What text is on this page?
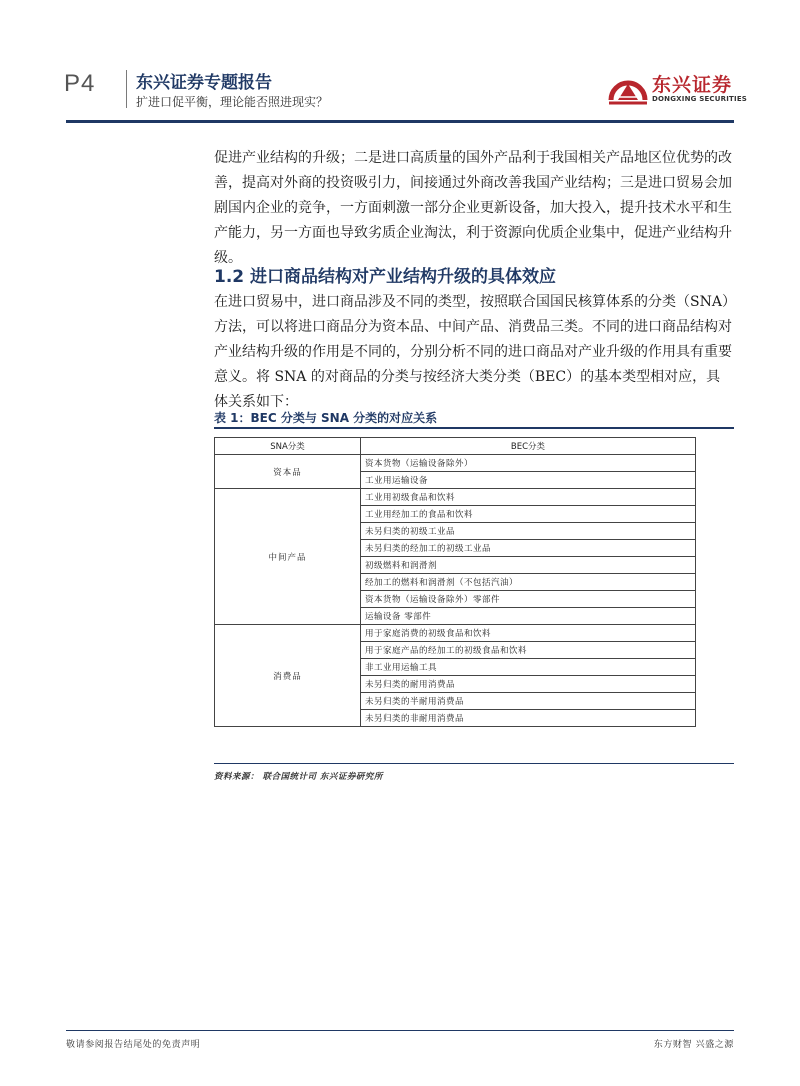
P4 东兴证券专题报告
扩进口促平衡，理论能否照进现实？
东兴证券
DONGXING SECURITIES

促进产业结构的升级；二是进口高质量的国外产品利于我国相关产品地区位优势的改善，提高对外商的投资吸引力，间接通过外商改善我国产业结构；三是进口贸易会加剧国内企业的竞争，一方面刺激一部分企业更新设备，加大投入，提升技术水平和生产能力，另一方面也导致劣质企业淘汰，利于资源向优质企业集中，促进产业结构升级。

1.2 进口商品结构对产业结构升级的具体效应

在进口贸易中，进口商品涉及不同的类型，按照联合国国民核算体系的分类（SNA）方法，可以将进口商品分为资本品、中间产品、消费品三类。不同的进口商品结构对产业结构升级的作用是不同的，分别分析不同的进口商品对产业升级的作用具有重要意义。将 SNA 的对商品的分类与按经济大类分类（BEC）的基本类型相对应，具体关系如下：

表 1：BEC 分类与 SNA 分类的对应关系
SNA分类	BEC分类
资本品	资本货物（运输设备除外）
	工业用运输设备
中间产品	工业用初级食品和饮料
	工业用经加工的食品和饮料
	未另归类的初级工业品
	未另归类的经加工的初级工业品
	初级燃料和润滑剂
	经加工的燃料和润滑剂（不包括汽油）
	资本货物（运输设备除外）零部件
	运输设备 零部件
消费品	用于家庭消费的初级食品和饮料
	用于家庭产品的经加工的初级食品和饮料
	非工业用运输工具
	未另归类的耐用消费品
	未另归类的半耐用消费品
	未另归类的非耐用消费品
资料来源： 联合国统计司 东兴证券研究所
敬请参阅报告结尾处的免责声明	东方财智 兴盛之源
